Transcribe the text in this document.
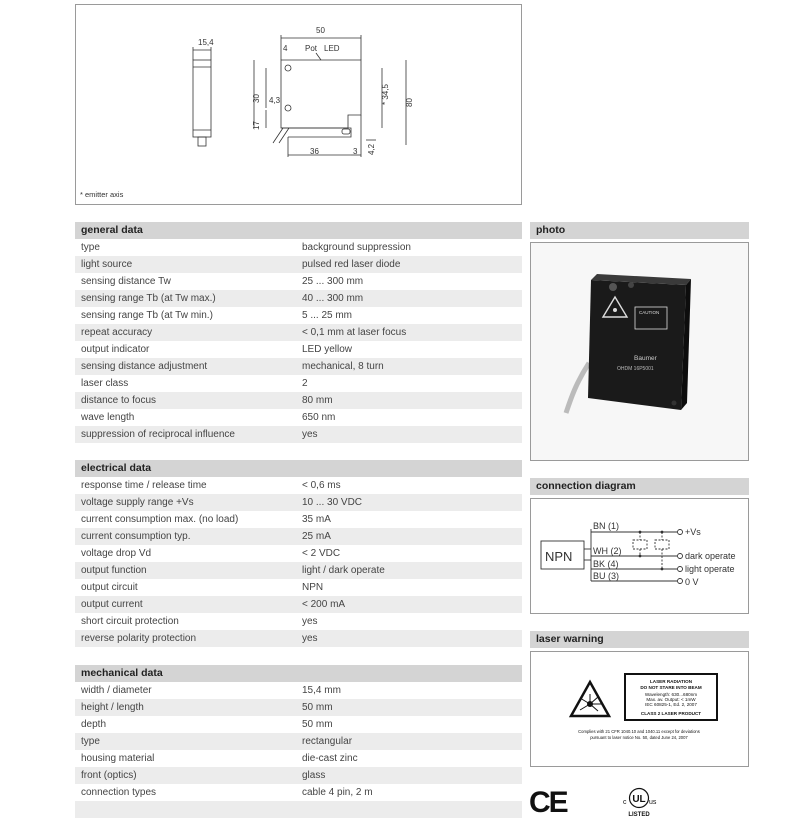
15,4
50
4 Pot LED
30 4,3
17
* 34,5 80
36	3 4,2
* emitter axis
general data
type	background suppression
light source	pulsed red laser diode
sensing distance Tw	25 ... 300 mm
sensing range Tb (at Tw max.)	40 ... 300 mm
sensing range Tb (at Tw min.)	5 ... 25 mm
repeat accuracy	< 0,1 mm at laser focus
output indicator	LED yellow
sensing distance adjustment	mechanical, 8 turn
laser class	2
distance to focus	80 mm
wave length	650 nm
suppression of reciprocal influence	yes
electrical data
response time / release time	< 0,6 ms
voltage supply range +Vs	10 ... 30 VDC
current consumption max. (no load)	35 mA
current consumption typ.	25 mA
voltage drop Vd	< 2 VDC
output function	light / dark operate
output circuit	NPN
output current	< 200 mA
short circuit protection	yes
reverse polarity protection	yes
mechanical data
width / diameter	15,4 mm
height / length	50 mm
depth	50 mm
type	rectangular
housing material	die-cast zinc
front (optics)	glass
connection types	cable 4 pin, 2 m
photo
CAUTION
Baumer
OHDM 16P5001
connection diagram
NPN
BN (1)
WH (2)
BK (4)
BU (3)
+Vs
dark operate
light operate
0 V
laser warning
LASER RADIATION
DO NOT STARE INTO BEAM
Wavelength: 630...680nm
Max. av. Output: < 1mW
IEC 60825-1, Ed. 2, 2007
CLASS 2 LASER PRODUCT
Complies with 21 CFR 1040.10 and 1040.11 except for deviations
pursuant to laser notice No. 50, dated June 24, 2007
CE	UL
c	us
LISTED
